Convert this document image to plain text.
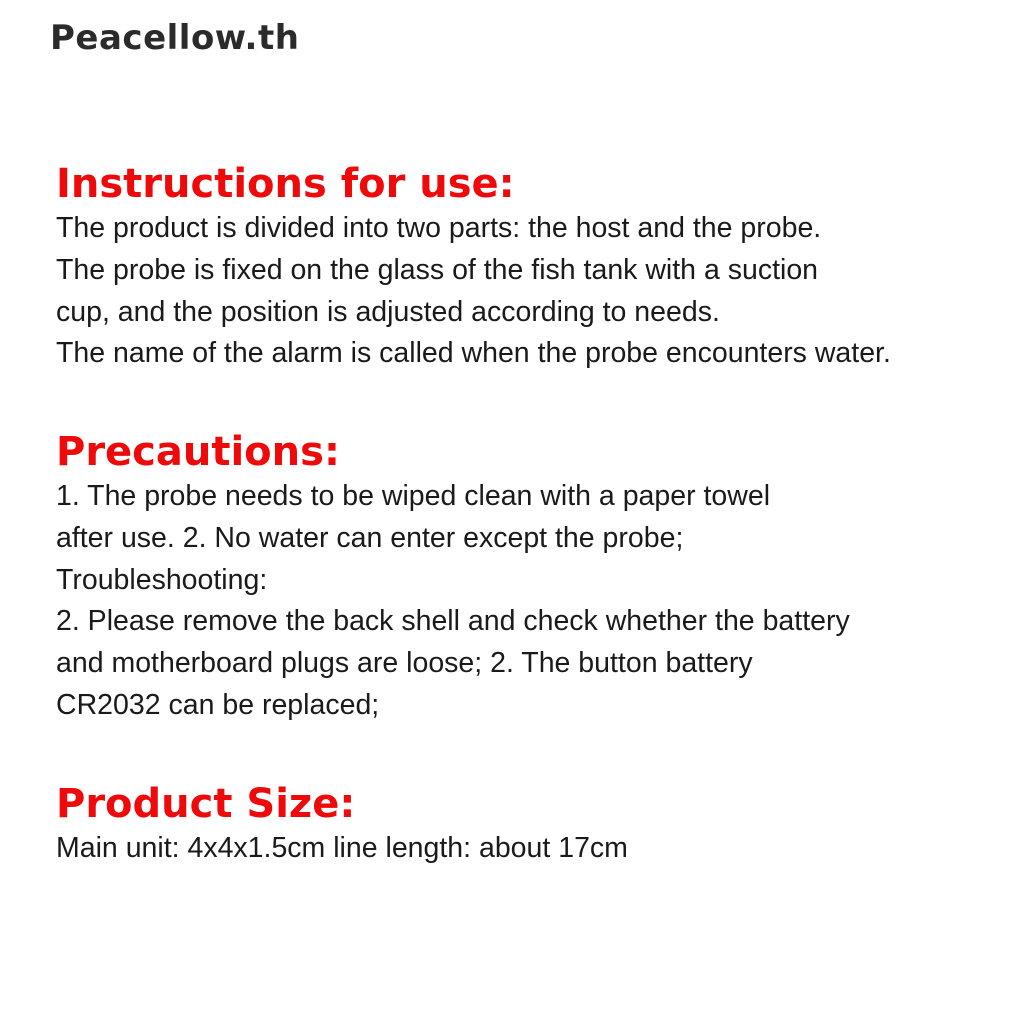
Peacellow.th
Instructions for use:
The product is divided into two parts: the host and the probe.
The probe is fixed on the glass of the fish tank with a suction
cup, and the position is adjusted according to needs.
The name of the alarm is called when the probe encounters water.
Precautions:
1. The probe needs to be wiped clean with a paper towel
after use. 2. No water can enter except the probe;
Troubleshooting:
2. Please remove the back shell and check whether the battery
and motherboard plugs are loose; 2. The button battery
CR2032 can be replaced;
Product Size:
Main unit: 4x4x1.5cm line length: about 17cm
